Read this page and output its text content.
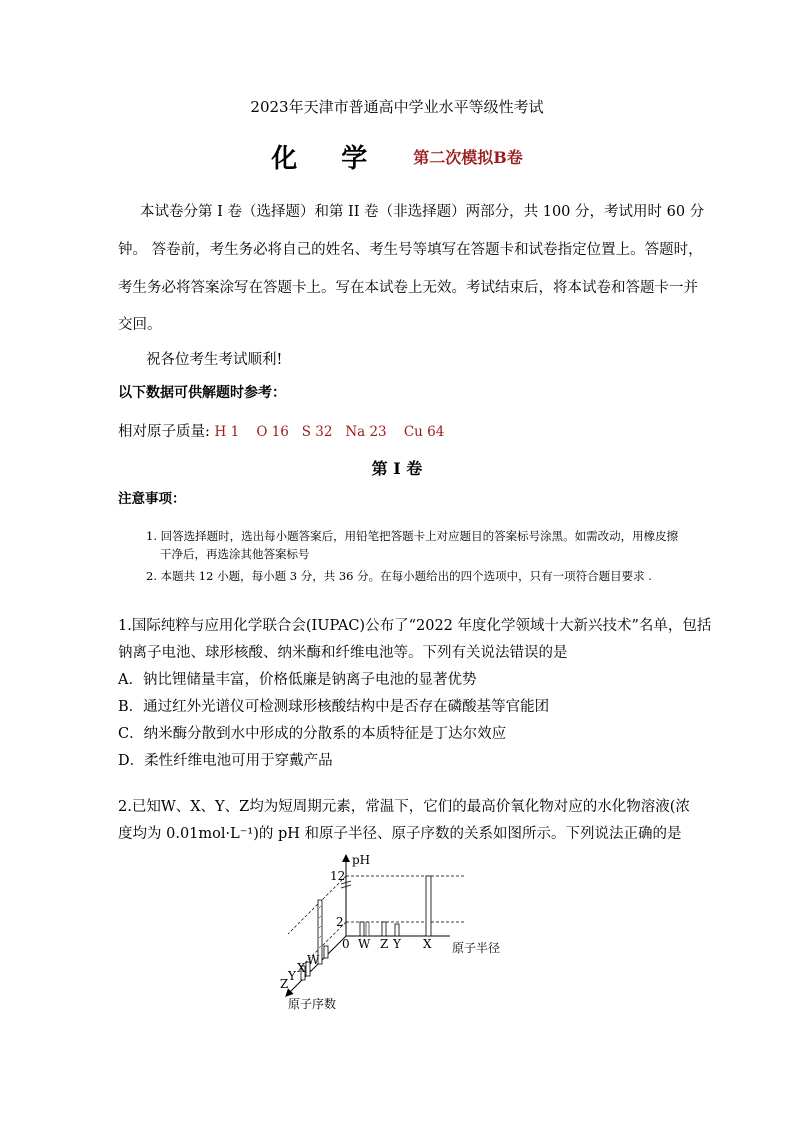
2023年天津市普通高中学业水平等级性考试
化学 第二次模拟B卷
本试卷分第 I 卷（选择题）和第 II 卷（非选择题）两部分，共 100 分，考试用时 60 分
钟。 答卷前，考生务必将自己的姓名、考生号等填写在答题卡和试卷指定位置上。答题时，
考生务必将答案涂写在答题卡上。写在本试卷上无效。考试结束后，将本试卷和答题卡一并
交回。
祝各位考生考试顺利!
以下数据可供解题时参考：
相对原子质量: H 1    O 16   S 32   Na 23    Cu 64
第 I 卷
注意事项：
1. 回答选择题时，选出每小题答案后，用铅笔把答题卡上对应题目的答案标号涂黑。如需改动，用橡皮擦干净后，再选涂其他答案标号
2. 本题共 12 小题，每小题 3 分，共 36 分。在每小题给出的四个选项中，只有一项符合题目要求 .
1.国际纯粹与应用化学联合会(IUPAC)公布了“2022 年度化学领域十大新兴技术”名单，包括
钠离子电池、球形核酸、纳米酶和纤维电池等。下列有关说法错误的是
A．钠比锂储量丰富，价格低廉是钠离子电池的显著优势
B．通过红外光谱仪可检测球形核酸结构中是否存在磷酸基等官能团
C．纳米酶分散到水中形成的分散系的本质特征是丁达尔效应
D．柔性纤维电池可用于穿戴产品
2.已知W、X、Y、Z均为短周期元素，常温下，它们的最高价氧化物对应的水化物溶液(浓
度均为 0.01mol·L⁻¹)的 pH 和原子半径、原子序数的关系如图所示。下列说法正确的是
12
2
0
pH
原子半径
原子序数
W Z Y X
Z
Y
X
W
